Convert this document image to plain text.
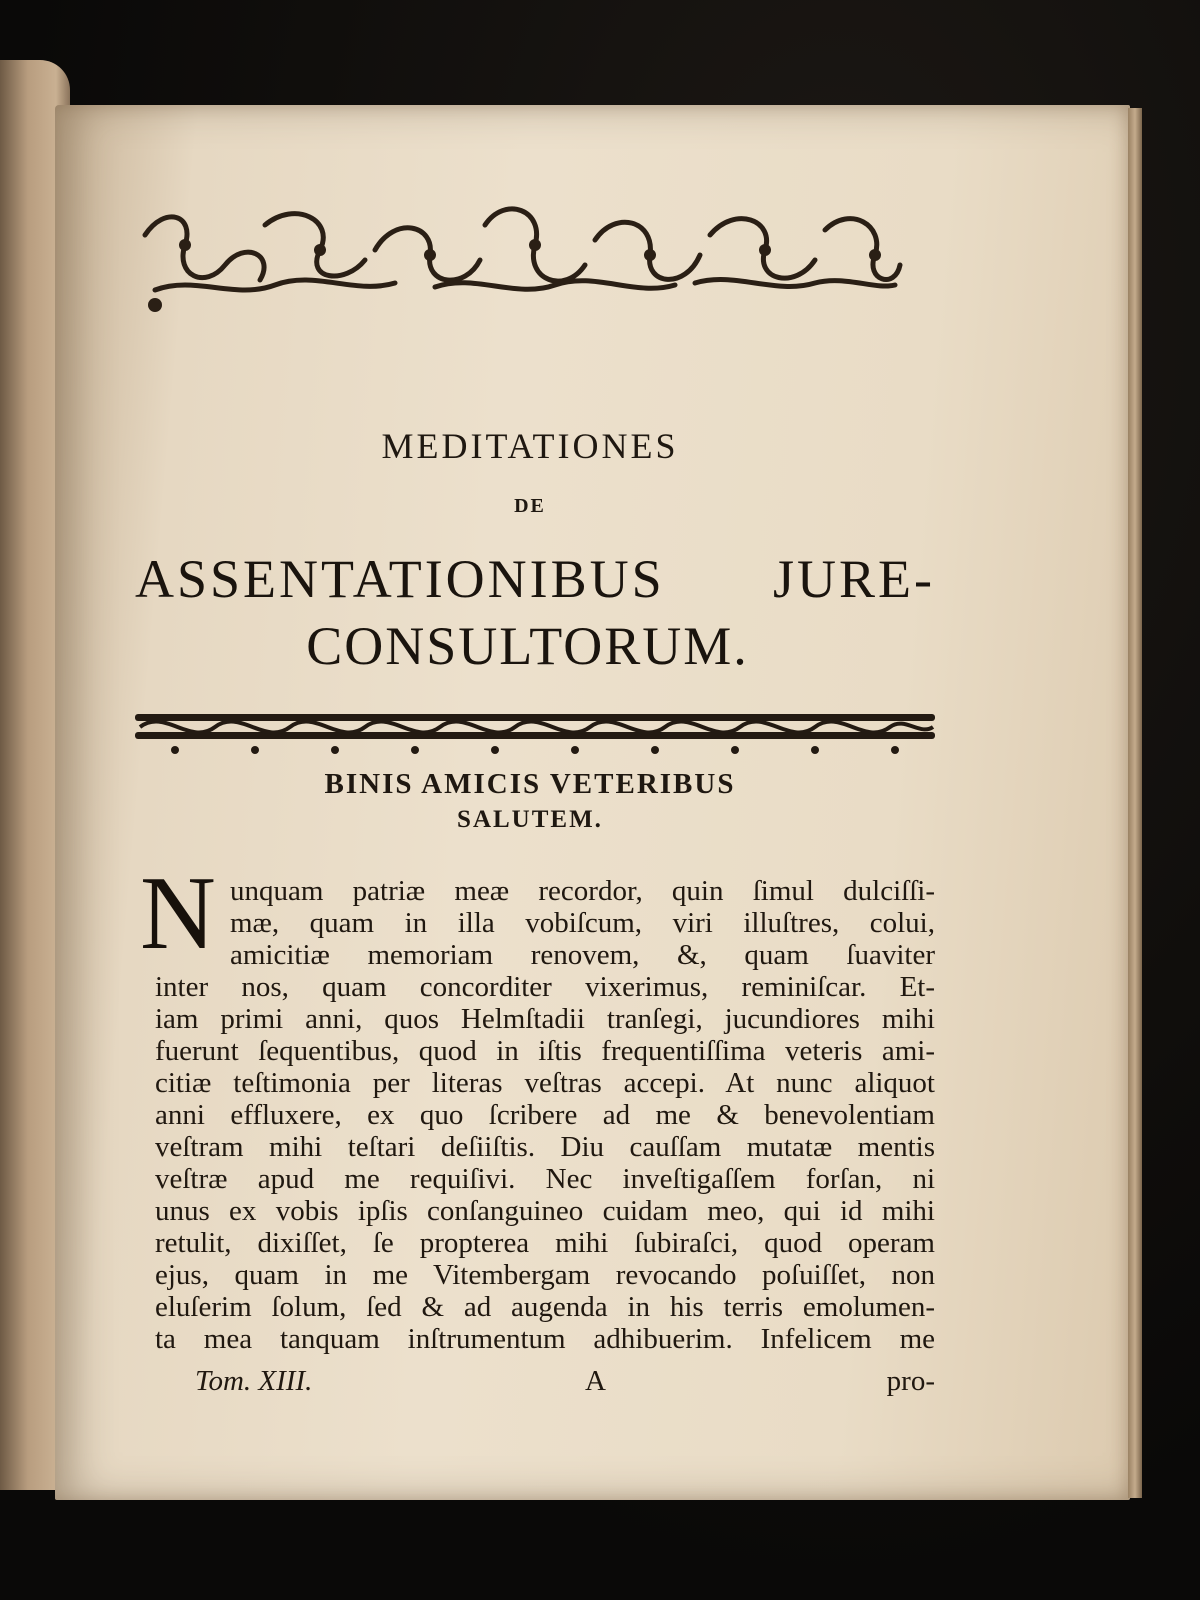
MEDITATIONES
DE
ASSENTATIONIBUS JURE-
CONSULTORUM.
BINIS AMICIS VETERIBUS
SALUTEM.
N unquam patriæ meæ recordor, quin ſimul dulciſſi-
mæ, quam in illa vobiſcum, viri illuſtres, colui,
amicitiæ memoriam renovem, &, quam ſuaviter
inter nos, quam concorditer vixerimus, reminiſcar. Et-
iam primi anni, quos Helmſtadii tranſegi, jucundiores mihi
fuerunt ſequentibus, quod in iſtis frequentiſſima veteris ami-
citiæ teſtimonia per literas veſtras accepi. At nunc aliquot
anni effluxere, ex quo ſcribere ad me & benevolentiam
veſtram mihi teſtari deſiiſtis. Diu cauſſam mutatæ mentis
veſtræ apud me requiſivi. Nec inveſtigaſſem forſan, ni
unus ex vobis ipſis conſanguineo cuidam meo, qui id mihi
retulit, dixiſſet, ſe propterea mihi ſubiraſci, quod operam
ejus, quam in me Vitembergam revocando poſuiſſet, non
eluſerim ſolum, ſed & ad augenda in his terris emolumen-
ta mea tanquam inſtrumentum adhibuerim. Infelicem me
Tom. XIII.	A	pro-
